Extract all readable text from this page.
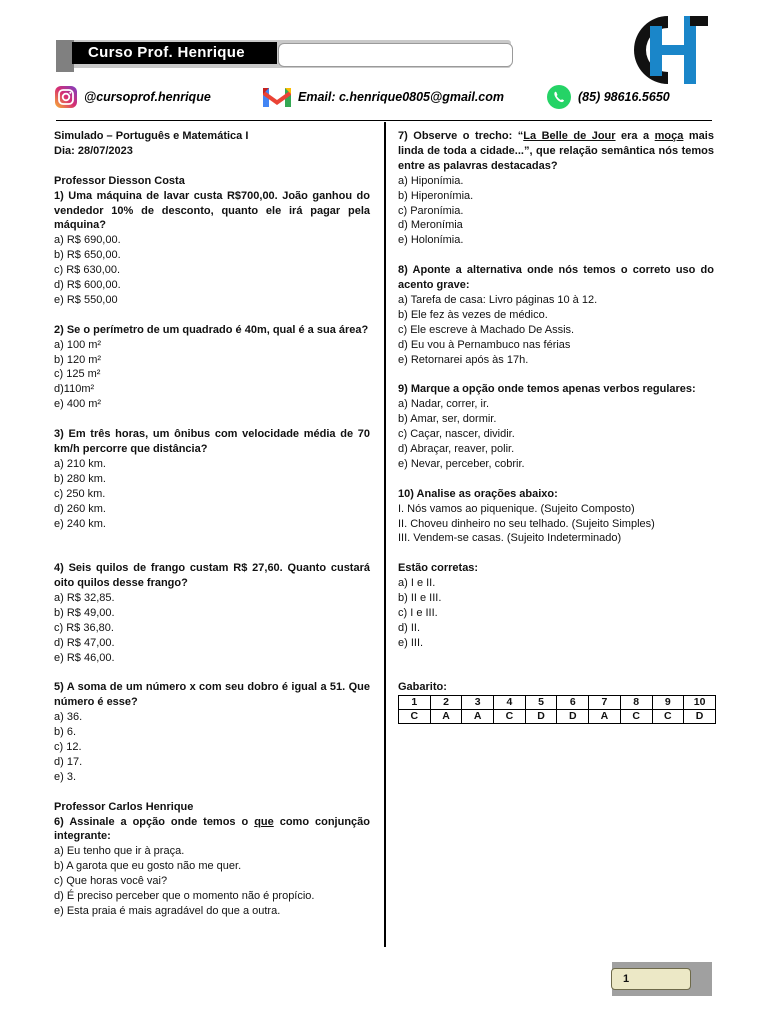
Curso Prof. Henrique
@cursoprof.henrique	Email: c.henrique0805@gmail.com	(85) 98616.5650
Simulado – Português e Matemática I
Dia: 28/07/2023
Professor Diesson Costa
1) Uma máquina de lavar custa R$700,00. João ganhou do vendedor 10% de desconto, quanto ele irá pagar pela máquina?
a) R$ 690,00.
b) R$ 650,00.
c) R$ 630,00.
d) R$ 600,00.
e) R$ 550,00
2) Se o perímetro de um quadrado é 40m, qual é a sua área?
a) 100 m²
b) 120 m²
c) 125 m²
d)110m²
e) 400 m²
3) Em três horas, um ônibus com velocidade média de 70 km/h percorre que distância?
a) 210 km.
b) 280 km.
c) 250 km.
d) 260 km.
e) 240 km.
4) Seis quilos de frango custam R$ 27,60. Quanto custará oito quilos desse frango?
a) R$ 32,85.
b) R$ 49,00.
c) R$ 36,80.
d) R$ 47,00.
e) R$ 46,00.
5) A soma de um número x com seu dobro é igual a 51. Que número é esse?
a) 36.
b) 6.
c) 12.
d) 17.
e) 3.
Professor Carlos Henrique
6) Assinale a opção onde temos o que como conjunção integrante:
a) Eu tenho que ir à praça.
b) A garota que eu gosto não me quer.
c) Que horas você vai?
d) É preciso perceber que o momento não é propício.
e) Esta praia é mais agradável do que a outra.
7) Observe o trecho: “La Belle de Jour era a moça mais linda de toda a cidade...”, que relação semântica nós temos entre as palavras destacadas?
a) Hiponímia.
b) Hiperonímia.
c) Paronímia.
d) Meronímia
e) Holonímia.
8) Aponte a alternativa onde nós temos o correto uso do acento grave:
a) Tarefa de casa: Livro páginas 10 à 12.
b) Ele fez às vezes de médico.
c) Ele escreve à Machado De Assis.
d) Eu vou à Pernambuco nas férias
e) Retornarei após às 17h.
9) Marque a opção onde temos apenas verbos regulares:
a) Nadar, correr, ir.
b) Amar, ser, dormir.
c) Caçar, nascer, dividir.
d) Abraçar, reaver, polir.
e) Nevar, perceber, cobrir.
10) Analise as orações abaixo:
I. Nós vamos ao piquenique. (Sujeito Composto)
II. Choveu dinheiro no seu telhado. (Sujeito Simples)
III. Vendem-se casas. (Sujeito Indeterminado)
Estão corretas:
a) I e II.
b) II e III.
c) I e III.
d) II.
e) III.
Gabarito:
1	2	3	4	5	6	7	8	9	10
C	A	A	C	D	D	A	C	C	D
1
